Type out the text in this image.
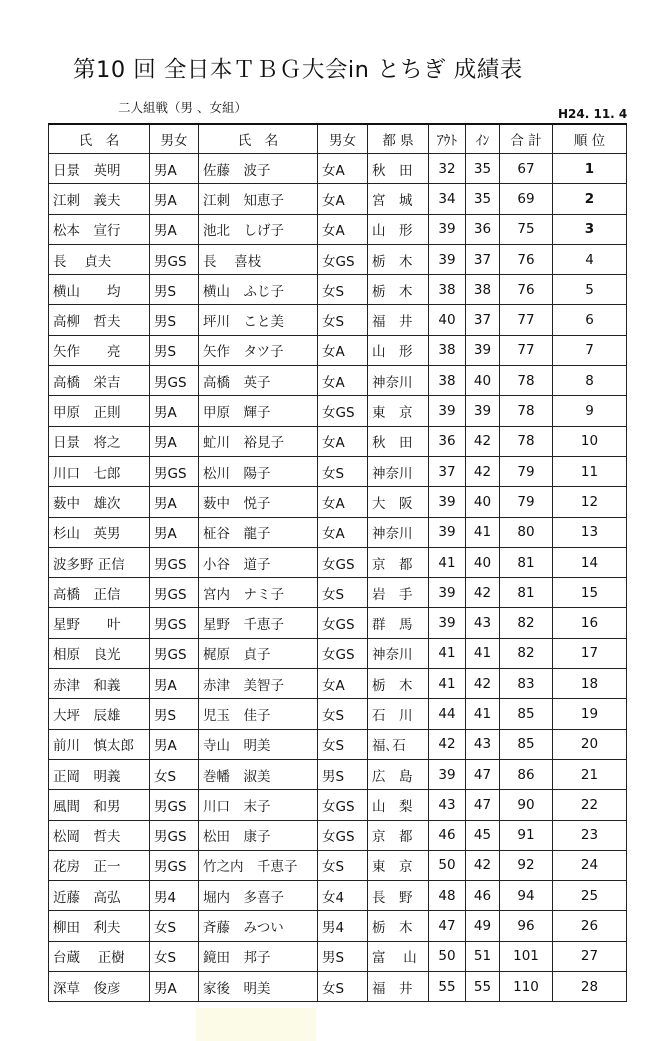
第10 回 全日本ＴＢＧ大会in とちぎ 成績表
二人組戦（男 、女組）	H24. 11. 4
氏　名	男女	氏　名	男女	都 県	ｱｳﾄ	ｲﾝ	合 計	順 位
日景　英明	男A	佐藤　波子	女A	秋　田	32	35	67	1
江刺　義夫	男A	江刺　知恵子	女A	宮　城	34	35	69	2
松本　宣行	男A	池北　しげ子	女A	山　形	39	36	75	3
長　 貞夫	男GS	長　 喜枝	女GS	栃　木	39	37	76	4
横山　　均	男S	横山　ふじ子	女S	栃　木	38	38	76	5
高柳　哲夫	男S	坪川　こと美	女S	福　井	40	37	77	6
矢作　　亮	男S	矢作　タツ子	女A	山　形	38	39	77	7
高橋　栄吉	男GS	高橋　英子	女A	神奈川	38	40	78	8
甲原　正則	男A	甲原　輝子	女GS	東　京	39	39	78	9
日景　将之	男A	虻川　裕見子	女A	秋　田	36	42	78	10
川口　七郎	男GS	松川　陽子	女S	神奈川	37	42	79	11
薮中　雄次	男A	薮中　悦子	女A	大　阪	39	40	79	12
杉山　英男	男A	柾谷　龍子	女A	神奈川	39	41	80	13
波多野 正信	男GS	小谷　道子	女GS	京　都	41	40	81	14
高橋　正信	男GS	宮内　ナミ子	女S	岩　手	39	42	81	15
星野　　叶	男GS	星野　千恵子	女GS	群　馬	39	43	82	16
相原　良光	男GS	梶原　貞子	女GS	神奈川	41	41	82	17
赤津　和義	男A	赤津　美智子	女A	栃　木	41	42	83	18
大坪　辰雄	男S	児玉　佳子	女S	石　川	44	41	85	19
前川　慎太郎	男A	寺山　明美	女S	福､石	42	43	85	20
正岡　明義	女S	巻幡　淑美	男S	広　島	39	47	86	21
風間　和男	男GS	川口　末子	女GS	山　梨	43	47	90	22
松岡　哲夫	男GS	松田　康子	女GS	京　都	46	45	91	23
花房　正一	男GS	竹之内　千恵子	女S	東　京	50	42	92	24
近藤　高弘	男4	堀内　多喜子	女4	長　野	48	46	94	25
柳田　利夫	女S	斉藤　みつい	男4	栃　木	47	49	96	26
台蔵　 正樹	女S	鏡田　邦子	男S	富　 山	50	51	101	27
深草　俊彦	男A	家後　明美	女S	福　井	55	55	110	28
